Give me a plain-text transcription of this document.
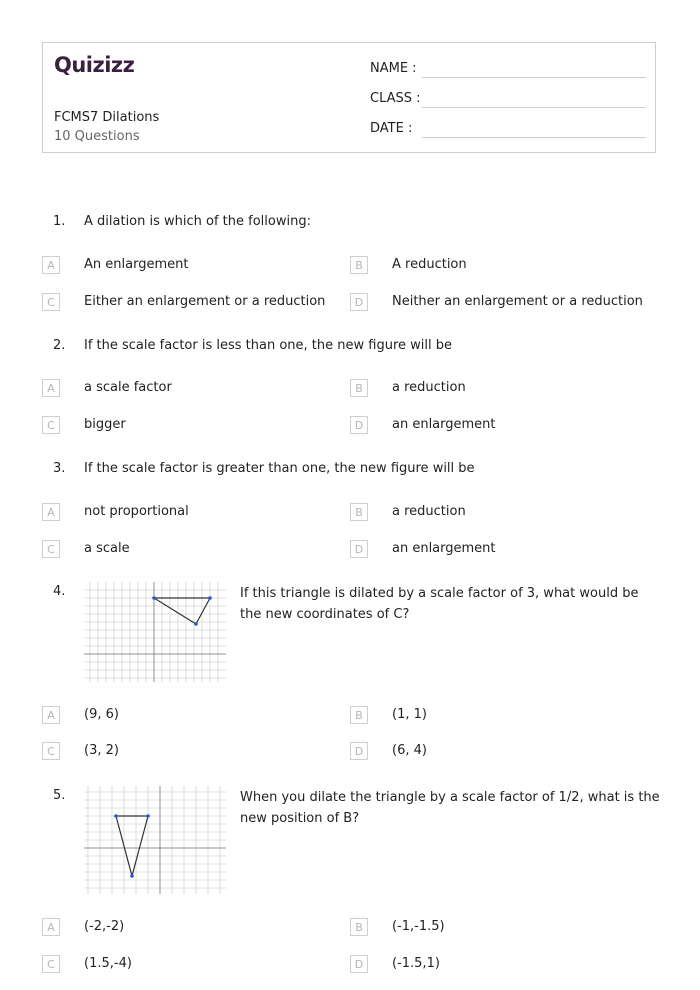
Quizizz
FCMS7 Dilations
10 Questions
NAME :
CLASS :
DATE :
1. A dilation is which of the following:
A	An enlargement	B	A reduction
C	Either an enlargement or a reduction	D	Neither an enlargement or a reduction
2. If the scale factor is less than one, the new figure will be
A	a scale factor	B	a reduction
C	bigger	D	an enlargement
3. If the scale factor is greater than one, the new figure will be
A	not proportional	B	a reduction
C	a scale	D	an enlargement
4.	If this triangle is dilated by a scale factor of 3, what would be the new coordinates of C?
A	(9, 6)	B	(1, 1)
C	(3, 2)	D	(6, 4)
5.	When you dilate the triangle by a scale factor of 1/2, what is the new position of B?
A	(-2,-2)	B	(-1,-1.5)
C	(1.5,-4)	D	(-1.5,1)
